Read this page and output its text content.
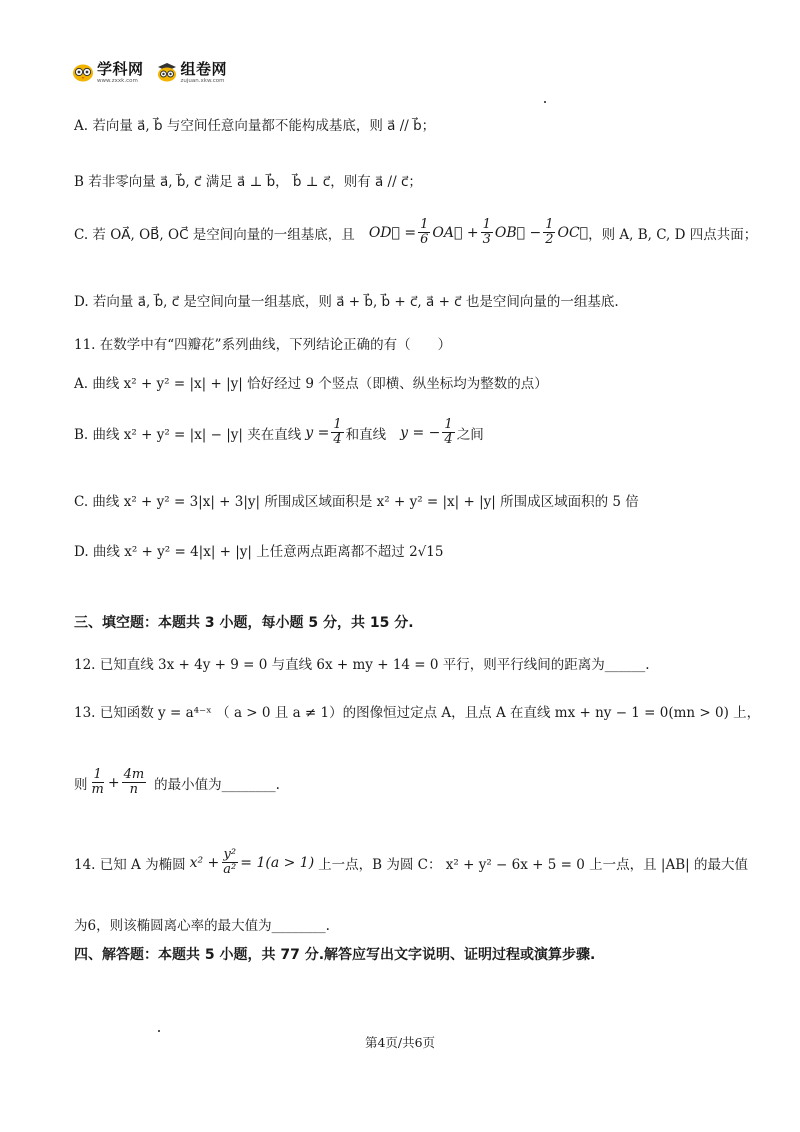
学科网
www.zxxk.com
组卷网
zujuan.xkw.com
A. 若向量 a⃗, b⃗ 与空间任意向量都不能构成基底，则 a⃗ // b⃗；
B 若非零向量 a⃗, b⃗, c⃗ 满足 a⃗ ⊥ b⃗， b⃗ ⊥ c⃗，则有 a⃗ // c⃗；
C. 若 OA⃗, OB⃗, OC⃗ 是空间向量的一组基底，且 OD⃗ = $\frac{1}{6}$ OA⃗ + $\frac{1}{3}$ OB⃗ − $\frac{1}{2}$ OC⃗ ，则 A, B, C, D 四点共面；
D. 若向量 a⃗, b⃗, c⃗ 是空间向量一组基底，则 a⃗ + b⃗, b⃗ + c⃗, a⃗ + c⃗ 也是空间向量的一组基底.
11. 在数学中有“四瓣花”系列曲线，下列结论正确的有（　　）
A. 曲线 x² + y² = |x| + |y| 恰好经过 9 个竖点（即横、纵坐标均为整数的点）
B. 曲线 x² + y² = |x| − |y| 夹在直线 $y = \frac{1}{4}$ 和直线 y = − $\frac{1}{4}$ 之间
C. 曲线 x² + y² = 3|x| + 3|y| 所围成区域面积是 x² + y² = |x| + |y| 所围成区域面积的 5 倍
D. 曲线 x² + y² = 4|x| + |y| 上任意两点距离都不超过 2√15
三、填空题：本题共 3 小题，每小题 5 分，共 15 分.
12. 已知直线 3x + 4y + 9 = 0 与直线 6x + my + 14 = 0 平行，则平行线间的距离为______.
13. 已知函数 y = a⁴⁻ˣ （ a > 0 且 a ≠ 1）的图像恒过定点 A，且点 A 在直线 mx + ny − 1 = 0(mn > 0) 上，
则 $\frac{1}{m} + \frac{4m}{n}$ 的最小值为________.
14. 已知 A 为椭圆 $x^2 + \frac{\text{y²}}{\text{a²}} = 1(a > 1)$ 上一点，B 为圆 C： x² + y² − 6x + 5 = 0 上一点，且 |AB| 的最大值
为6，则该椭圆离心率的最大值为________.
四、解答题：本题共 5 小题，共 77 分.解答应写出文字说明、证明过程或演算步骤.
第4页/共6页
